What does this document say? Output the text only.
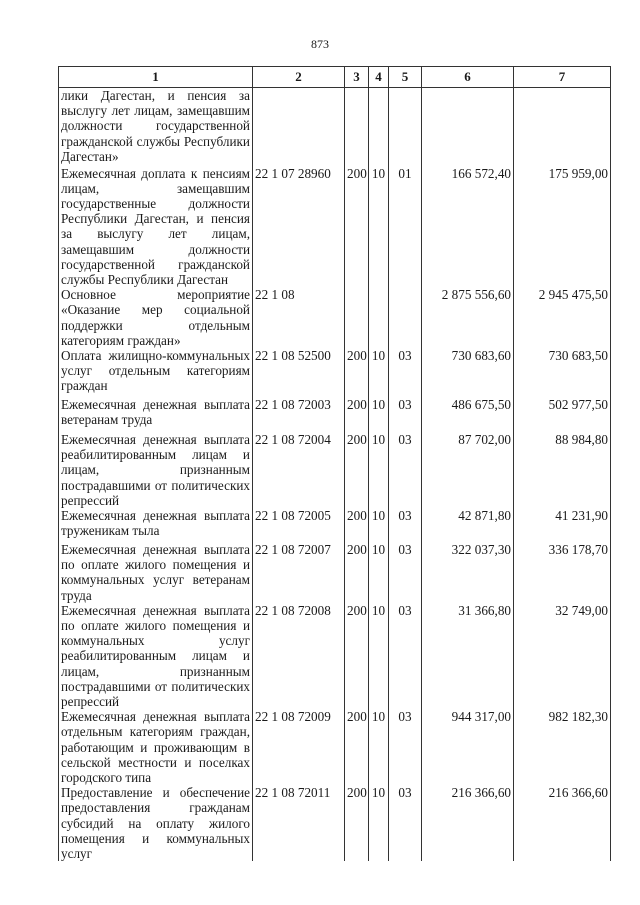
873
1	2	3	4	5	6	7
лики Дагестан, и пенсия за выслугу лет лицам, замещавшим должности государственной гражданской службы Республики Дагестан»						
Ежемесячная доплата к пенсиям лицам, замещавшим государственные должности Республики Дагестан, и пенсия за выслугу лет лицам, замещавшим должности государственной гражданской службы Республики Дагестан	22 1 07 28960	200	10	01	166 572,40	175 959,00
Основное мероприятие «Оказание мер социальной поддержки отдельным категориям граждан»	22 1 08				2 875 556,60	2 945 475,50
Оплата жилищно-коммунальных услуг отдельным категориям граждан	22 1 08 52500	200	10	03	730 683,60	730 683,50
Ежемесячная денежная выплата ветеранам труда	22 1 08 72003	200	10	03	486 675,50	502 977,50
Ежемесячная денежная выплата реабилитированным лицам и лицам, признанным пострадавшими от политических репрессий	22 1 08 72004	200	10	03	87 702,00	88 984,80
Ежемесячная денежная выплата труженикам тыла	22 1 08 72005	200	10	03	42 871,80	41 231,90
Ежемесячная денежная выплата по оплате жилого помещения и коммунальных услуг ветеранам труда	22 1 08 72007	200	10	03	322 037,30	336 178,70
Ежемесячная денежная выплата по оплате жилого помещения и коммунальных услуг реабилитированным лицам и лицам, признанным пострадавшими от политических репрессий	22 1 08 72008	200	10	03	31 366,80	32 749,00
Ежемесячная денежная выплата отдельным категориям граждан, работающим и проживающим в сельской местности и поселках городского типа	22 1 08 72009	200	10	03	944 317,00	982 182,30
Предоставление и обеспечение предоставления гражданам субсидий на оплату жилого помещения и коммунальных услуг	22 1 08 72011	200	10	03	216 366,60	216 366,60
